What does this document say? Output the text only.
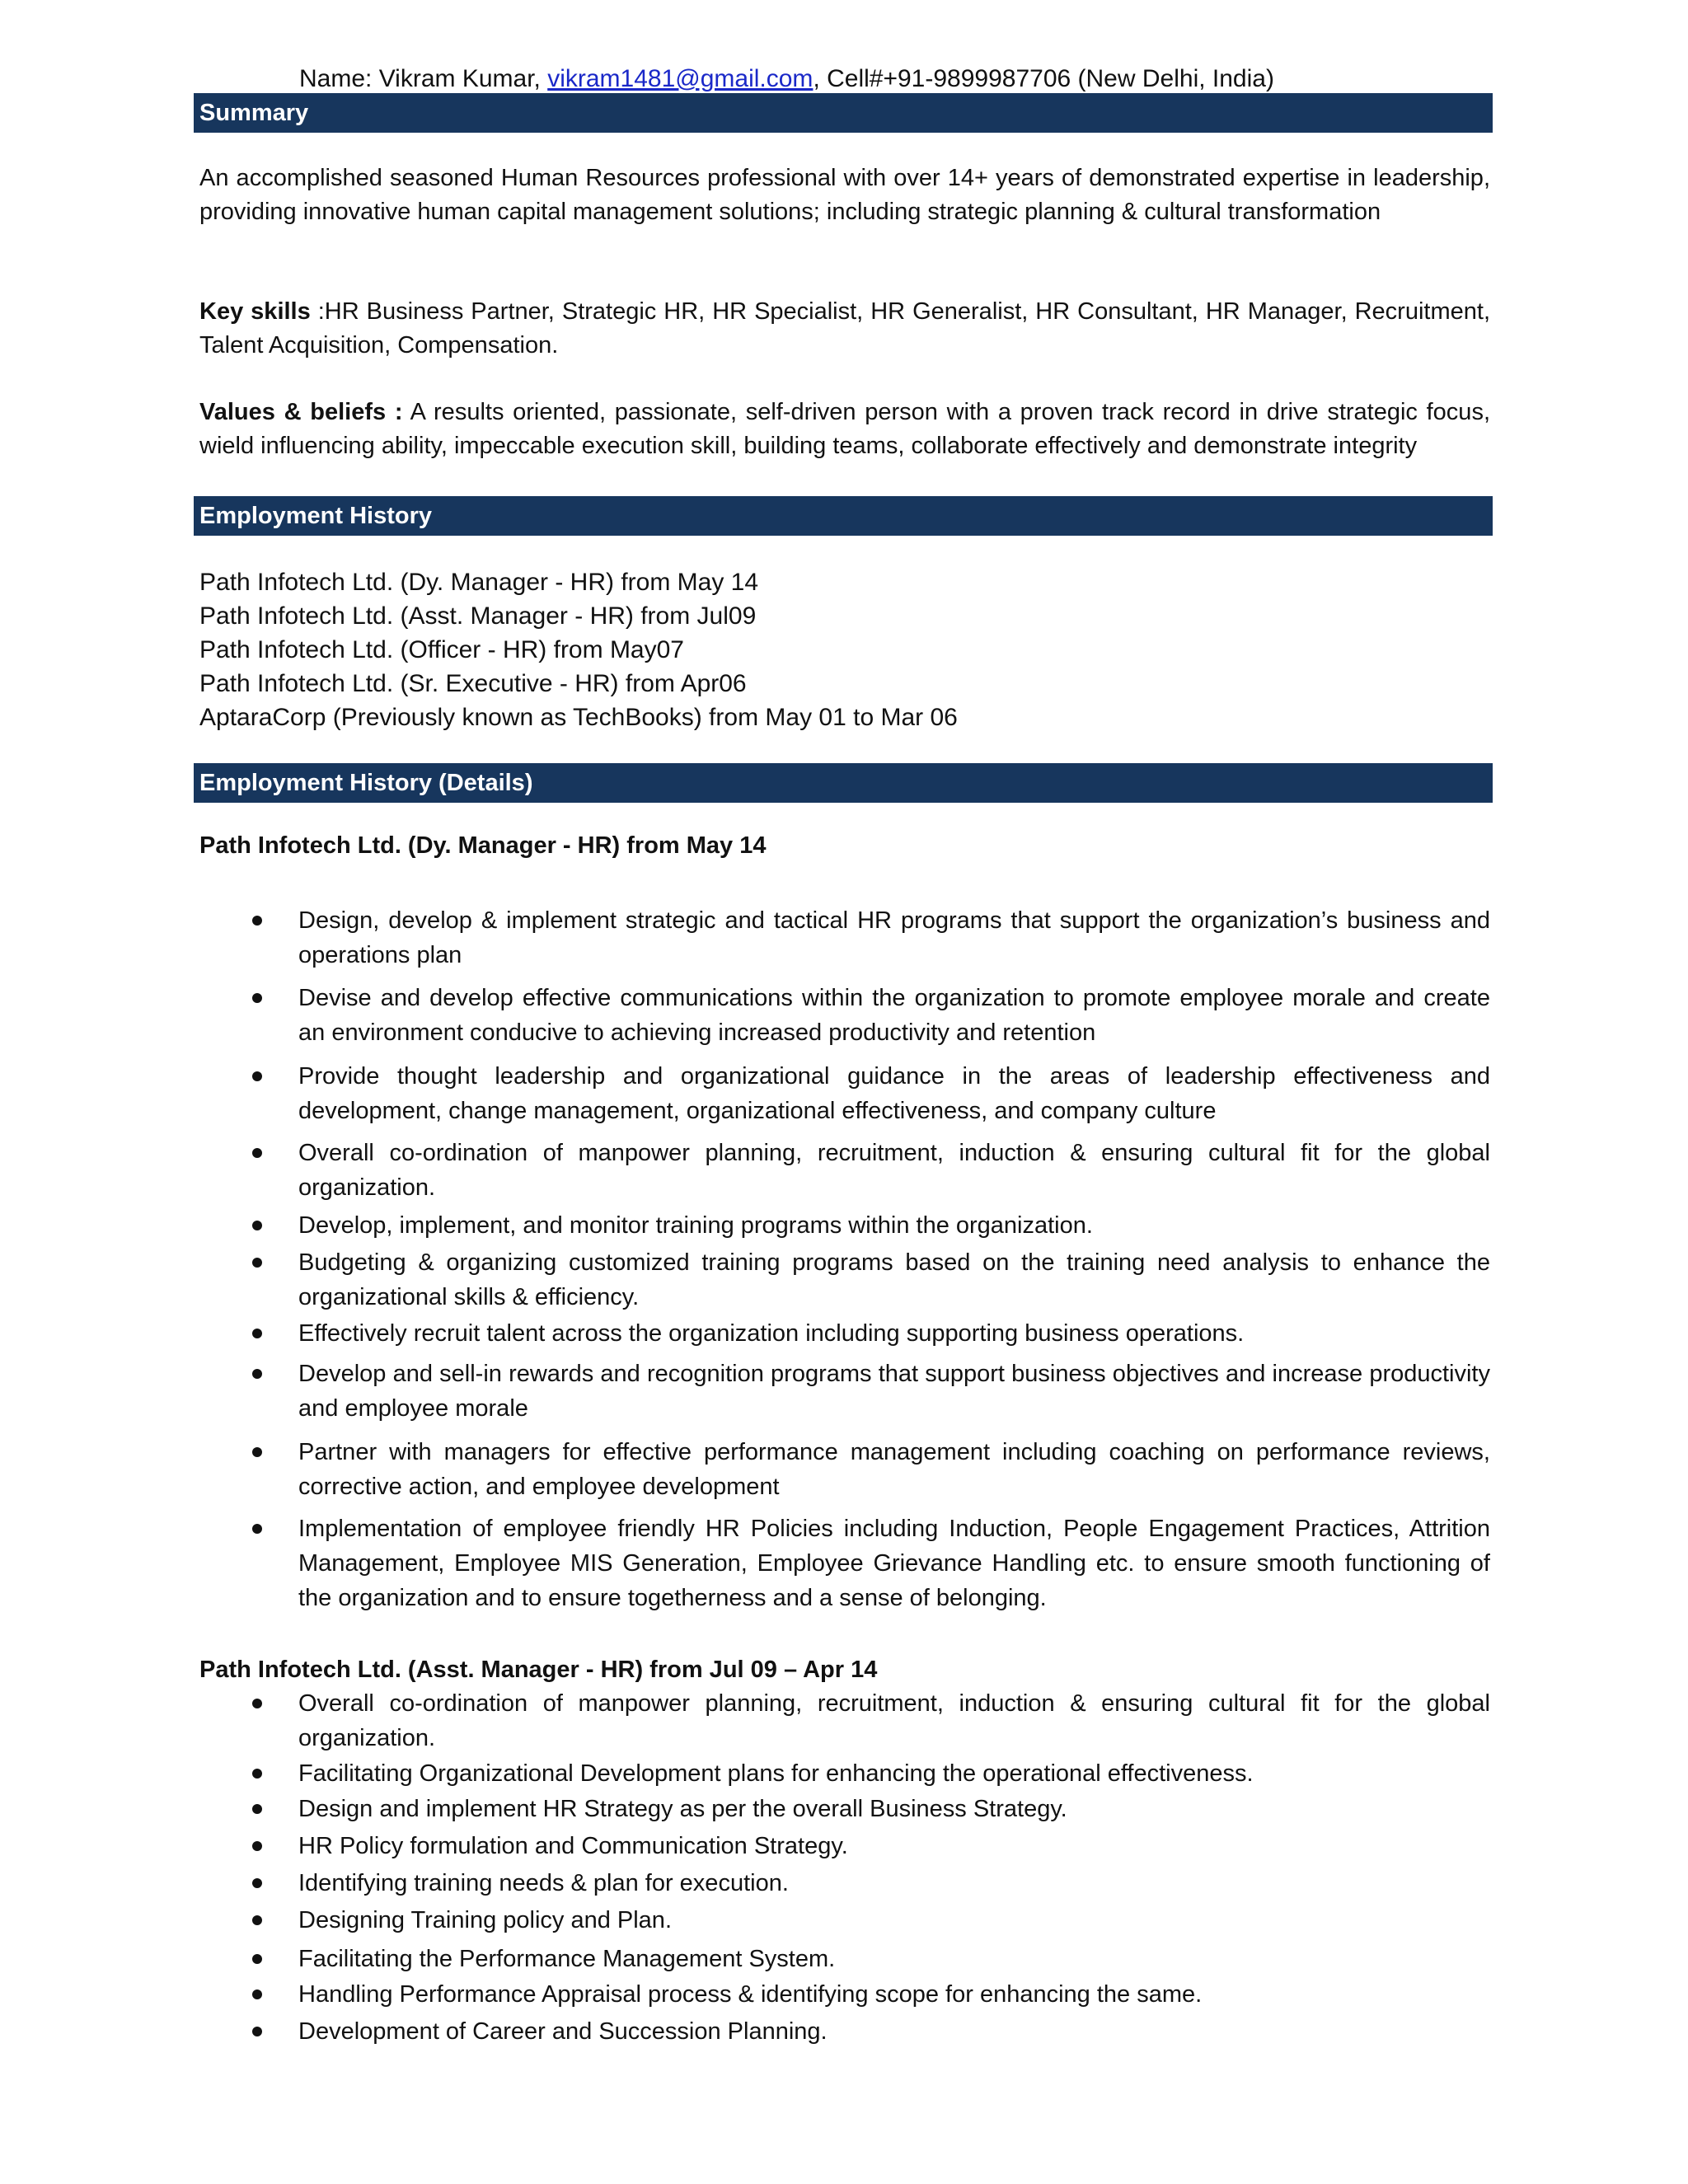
Name: Vikram Kumar, vikram1481@gmail.com, Cell#+91-9899987706 (New Delhi, India)
Summary
An accomplished seasoned Human Resources professional with over 14+ years of demonstrated expertise in leadership, providing innovative human capital management solutions; including strategic planning & cultural transformation
Key skills :HR Business Partner, Strategic HR, HR Specialist, HR Generalist, HR Consultant, HR Manager, Recruitment, Talent Acquisition, Compensation.
Values & beliefs : A results oriented, passionate, self-driven person with a proven track record in drive strategic focus, wield influencing ability, impeccable execution skill, building teams, collaborate effectively and demonstrate integrity
Employment History
Path Infotech Ltd. (Dy. Manager - HR) from May 14
Path Infotech Ltd. (Asst. Manager - HR) from Jul09
Path Infotech Ltd. (Officer - HR) from May07
Path Infotech Ltd. (Sr. Executive - HR) from Apr06
AptaraCorp (Previously known as TechBooks) from May 01 to Mar 06
Employment History (Details)
Path Infotech Ltd. (Dy. Manager - HR) from May 14
Design, develop & implement strategic and tactical HR programs that support the organization’s business and operations plan
Devise and develop effective communications within the organization to promote employee morale and create an environment conducive to achieving increased productivity and retention
Provide thought leadership and organizational guidance in the areas of leadership effectiveness and development, change management, organizational effectiveness, and company culture
Overall co-ordination of manpower planning, recruitment, induction & ensuring cultural fit for the global organization.
Develop, implement, and monitor training programs within the organization.
Budgeting & organizing customized training programs based on the training need analysis to enhance the organizational skills & efficiency.
Effectively recruit talent across the organization including supporting business operations.
Develop and sell-in rewards and recognition programs that support business objectives and increase productivity and employee morale
Partner with managers for effective performance management including coaching on performance reviews, corrective action, and employee development
Implementation of employee friendly HR Policies including Induction, People Engagement Practices, Attrition Management, Employee MIS Generation, Employee Grievance Handling etc. to ensure smooth functioning of the organization and to ensure togetherness and a sense of belonging.
Path Infotech Ltd. (Asst. Manager - HR) from Jul 09 – Apr 14
Overall co-ordination of manpower planning, recruitment, induction & ensuring cultural fit for the global organization.
Facilitating Organizational Development plans for enhancing the operational effectiveness.
Design and implement HR Strategy as per the overall Business Strategy.
HR Policy formulation and Communication Strategy.
Identifying training needs & plan for execution.
Designing Training policy and Plan.
Facilitating the Performance Management System.
Handling Performance Appraisal process & identifying scope for enhancing the same.
Development of Career and Succession Planning.
